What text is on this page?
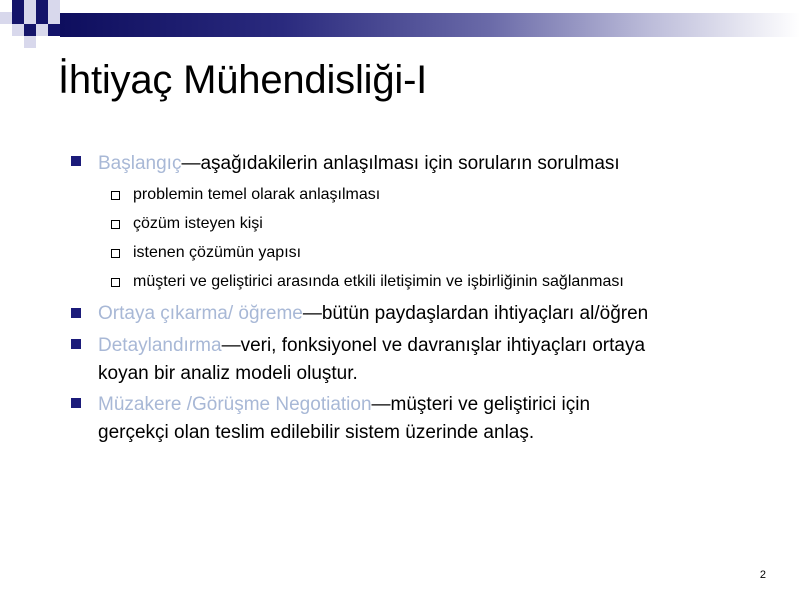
İhtiyaç Mühendisliği-I
Başlangıç—aşağıdakilerin anlaşılması için soruların sorulması
problemin temel olarak anlaşılması
çözüm isteyen kişi
istenen çözümün yapısı
müşteri ve geliştirici arasında etkili iletişimin ve işbirliğinin sağlanması
Ortaya çıkarma/ öğreme—bütün paydaşlardan ihtiyaçları al/öğren
Detaylandırma—veri, fonksiyonel ve davranışlar ihtiyaçları ortaya
koyan bir analiz modeli oluştur.
Müzakere /Görüşme Negotiation—müşteri ve geliştirici için
gerçekçi olan teslim edilebilir sistem üzerinde anlaş.
2
